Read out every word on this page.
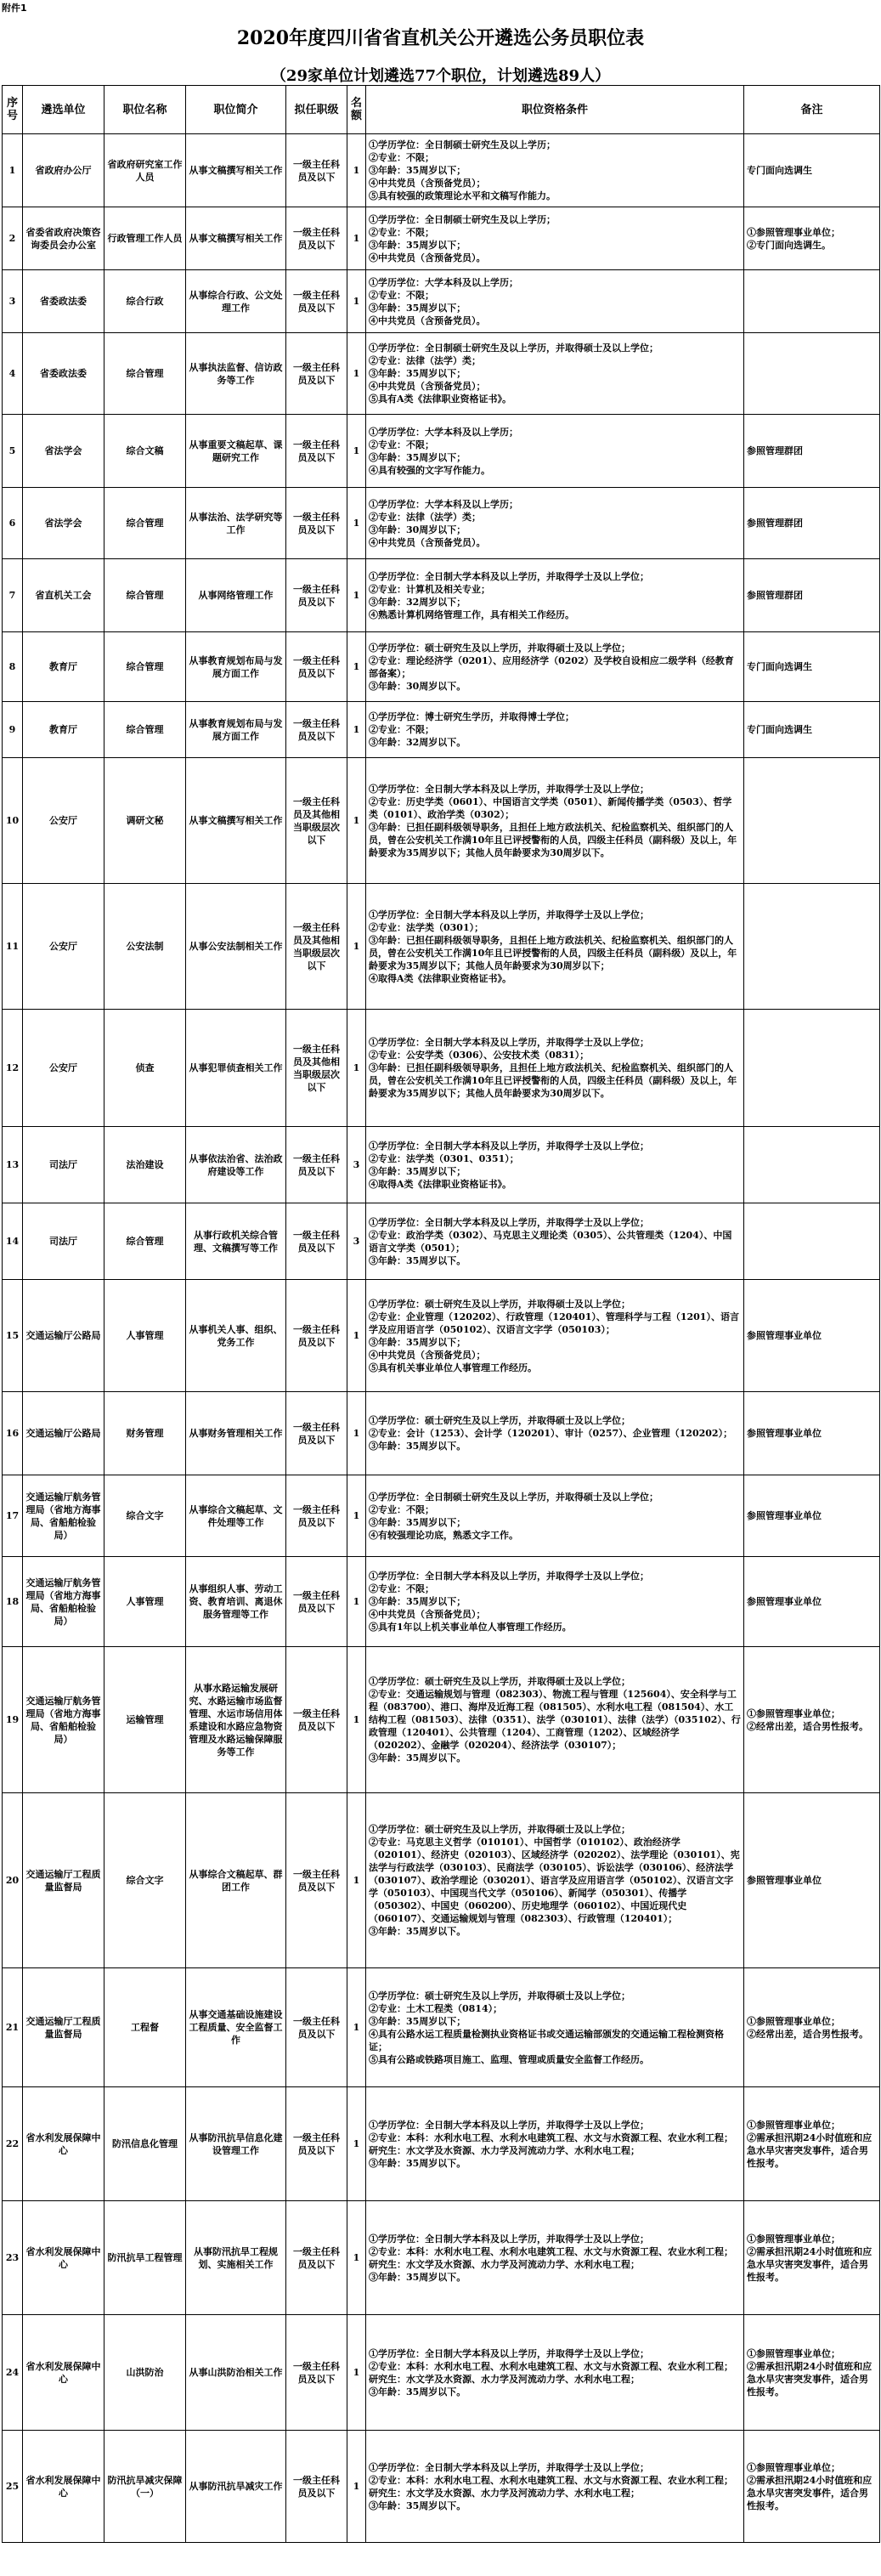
附件1
2020年度四川省省直机关公开遴选公务员职位表
（29家单位计划遴选77个职位，计划遴选89人）
序号	遴选单位	职位名称	职位简介	拟任职级	名额	职位资格条件	备注
1	省政府办公厅	省政府研究室工作人员	从事文稿撰写相关工作	一级主任科员及以下	1	①学历学位：全日制硕士研究生及以上学历；
②专业：不限；
③年龄：35周岁以下；
④中共党员（含预备党员）；
⑤具有较强的政策理论水平和文稿写作能力。	专门面向选调生

2	省委省政府决策咨询委员会办公室	行政管理工作人员	从事文稿撰写相关工作	一级主任科员及以下	1	①学历学位：全日制硕士研究生及以上学历；
②专业：不限；
③年龄：35周岁以下；
④中共党员（含预备党员）。	①参照管理事业单位；
②专门面向选调生。

3	省委政法委	综合行政	从事综合行政、公文处理工作	一级主任科员及以下	1	①学历学位：大学本科及以上学历；
②专业：不限；
③年龄：35周岁以下；
④中共党员（含预备党员）。	

4	省委政法委	综合管理	从事执法监督、信访政务等工作	一级主任科员及以下	1	①学历学位：全日制硕士研究生及以上学历，并取得硕士及以上学位；
②专业：法律（法学）类；
③年龄：35周岁以下；
④中共党员（含预备党员）；
⑤具有A类《法律职业资格证书》。	

5	省法学会	综合文稿	从事重要文稿起草、课题研究工作	一级主任科员及以下	1	①学历学位：大学本科及以上学历；
②专业：不限；
③年龄：35周岁以下；
④具有较强的文字写作能力。	参照管理群团

6	省法学会	综合管理	从事法治、法学研究等工作	一级主任科员及以下	1	①学历学位：大学本科及以上学历；
②专业：法律（法学）类；
③年龄：30周岁以下；
④中共党员（含预备党员）。	参照管理群团

7	省直机关工会	综合管理	从事网络管理工作	一级主任科员及以下	1	①学历学位：全日制大学本科及以上学历，并取得学士及以上学位；
②专业：计算机及相关专业；
③年龄：32周岁以下；
④熟悉计算机网络管理工作，具有相关工作经历。	参照管理群团

8	教育厅	综合管理	从事教育规划布局与发展方面工作	一级主任科员及以下	1	①学历学位：硕士研究生及以上学历，并取得硕士及以上学位；
②专业：理论经济学（0201）、应用经济学（0202）及学校自设相应二级学科（经教育部备案）；
③年龄：30周岁以下。	专门面向选调生

9	教育厅	综合管理	从事教育规划布局与发展方面工作	一级主任科员及以下	1	①学历学位：博士研究生学历，并取得博士学位；
②专业：不限；
③年龄：32周岁以下。	专门面向选调生

10	公安厅	调研文秘	从事文稿撰写相关工作	一级主任科员及其他相当职级层次以下	1	①学历学位：全日制大学本科及以上学历，并取得学士及以上学位；
②专业：历史学类（0601）、中国语言文学类（0501）、新闻传播学类（0503）、哲学类（0101）、政治学类（0302）；
③年龄：已担任副科级领导职务，且担任上地方政法机关、纪检监察机关、组织部门的人员，曾在公安机关工作满10年且已评授警衔的人员，四级主任科员（副科级）及以上，年龄要求为35周岁以下；其他人员年龄要求为30周岁以下。	

11	公安厅	公安法制	从事公安法制相关工作	一级主任科员及其他相当职级层次以下	1	①学历学位：全日制大学本科及以上学历，并取得学士及以上学位；
②专业：法学类（0301）；
③年龄：已担任副科级领导职务，且担任上地方政法机关、纪检监察机关、组织部门的人员，曾在公安机关工作满10年且已评授警衔的人员，四级主任科员（副科级）及以上，年龄要求为35周岁以下；其他人员年龄要求为30周岁以下；
④取得A类《法律职业资格证书》。	

12	公安厅	侦查	从事犯罪侦查相关工作	一级主任科员及其他相当职级层次以下	1	①学历学位：全日制大学本科及以上学历，并取得学士及以上学位；
②专业：公安学类（0306）、公安技术类（0831）；
③年龄：已担任副科级领导职务，且担任上地方政法机关、纪检监察机关、组织部门的人员，曾在公安机关工作满10年且已评授警衔的人员，四级主任科员（副科级）及以上，年龄要求为35周岁以下；其他人员年龄要求为30周岁以下。	

13	司法厅	法治建设	从事依法治省、法治政府建设等工作	一级主任科员及以下	3	①学历学位：全日制大学本科及以上学历，并取得学士及以上学位；
②专业：法学类（0301、0351）；
③年龄：35周岁以下；
④取得A类《法律职业资格证书》。	

14	司法厅	综合管理	从事行政机关综合管理、文稿撰写等工作	一级主任科员及以下	3	①学历学位：全日制大学本科及以上学历，并取得学士及以上学位；
②专业：政治学类（0302）、马克思主义理论类（0305）、公共管理类（1204）、中国语言文学类（0501）；
③年龄：35周岁以下。	

15	交通运输厅公路局	人事管理	从事机关人事、组织、党务工作	一级主任科员及以下	1	①学历学位：硕士研究生及以上学历，并取得硕士及以上学位；
②专业：企业管理（120202）、行政管理（120401）、管理科学与工程（1201）、语言学及应用语言学（050102）、汉语言文字学（050103）；
③年龄：35周岁以下；
④中共党员（含预备党员）；
⑤具有机关事业单位人事管理工作经历。	参照管理事业单位

16	交通运输厅公路局	财务管理	从事财务管理相关工作	一级主任科员及以下	1	①学历学位：硕士研究生及以上学历，并取得硕士及以上学位；
②专业：会计（1253）、会计学（120201）、审计（0257）、企业管理（120202）；
③年龄：35周岁以下。	参照管理事业单位

17	交通运输厅航务管理局（省地方海事局、省船舶检验局）	综合文字	从事综合文稿起草、文件处理等工作	一级主任科员及以下	1	①学历学位：全日制硕士研究生及以上学历，并取得硕士及以上学位；
②专业：不限；
③年龄：35周岁以下；
④有较强理论功底，熟悉文字工作。	参照管理事业单位

18	交通运输厅航务管理局（省地方海事局、省船舶检验局）	人事管理	从事组织人事、劳动工资、教育培训、离退休服务管理等工作	一级主任科员及以下	1	①学历学位：全日制大学本科及以上学历，并取得学士及以上学位；
②专业：不限；
③年龄：35周岁以下；
④中共党员（含预备党员）；
⑤具有1年以上机关事业单位人事管理工作经历。	参照管理事业单位

19	交通运输厅航务管理局（省地方海事局、省船舶检验局）	运输管理	从事水路运输发展研究、水路运输市场监督管理、水运市场信用体系建设和水路应急物资管理及水路运输保障服务等工作	一级主任科员及以下	1	①学历学位：硕士研究生及以上学历，并取得硕士及以上学位；
②专业：交通运输规划与管理（082303）、物流工程与管理（125604）、安全科学与工程（083700）、港口、海岸及近海工程（081505）、水利水电工程（081504）、水工结构工程（081503）、法律（0351）、法学（030101）、法律（法学）（035102）、行政管理（120401）、公共管理（1204）、工商管理（1202）、区域经济学（020202）、金融学（020204）、经济法学（030107）；
③年龄：35周岁以下。	①参照管理事业单位；
②经常出差，适合男性报考。

20	交通运输厅工程质量监督局	综合文字	从事综合文稿起草、群团工作	一级主任科员及以下	1	①学历学位：硕士研究生及以上学历，并取得硕士及以上学位；
②专业：马克思主义哲学（010101）、中国哲学（010102）、政治经济学（020101）、经济史（020103）、区域经济学（020202）、法学理论（030101）、宪法学与行政法学（030103）、民商法学（030105）、诉讼法学（030106）、经济法学（030107）、政治学理论（030201）、语言学及应用语言学（050102）、汉语言文字学（050103）、中国现当代文学（050106）、新闻学（050301）、传播学（050302）、中国史（060200）、历史地理学（060102）、中国近现代史（060107）、交通运输规划与管理（082303）、行政管理（120401）；
③年龄：35周岁以下。	参照管理事业单位

21	交通运输厅工程质量监督局	工程督	从事交通基础设施建设工程质量、安全监督工作	一级主任科员及以下	1	①学历学位：硕士研究生及以上学历，并取得硕士及以上学位；
②专业：土木工程类（0814）；
③年龄：35周岁以下；
④具有公路水运工程质量检测执业资格证书或交通运输部颁发的交通运输工程检测资格证；
⑤具有公路或铁路项目施工、监理、管理或质量安全监督工作经历。	①参照管理事业单位；
②经常出差，适合男性报考。

22	省水利发展保障中心	防汛信息化管理	从事防汛抗旱信息化建设管理工作	一级主任科员及以下	1	①学历学位：全日制大学本科及以上学历，并取得学士及以上学位；
②专业：本科：水利水电工程、水利水电建筑工程、水文与水资源工程、农业水利工程；研究生：水文学及水资源、水力学及河流动力学、水利水电工程；
③年龄：35周岁以下。	①参照管理事业单位；
②需承担汛期24小时值班和应急水旱灾害突发事件，适合男性报考。

23	省水利发展保障中心	防汛抗旱工程管理	从事防汛抗旱工程规划、实施相关工作	一级主任科员及以下	1	①学历学位：全日制大学本科及以上学历，并取得学士及以上学位；
②专业：本科：水利水电工程、水利水电建筑工程、水文与水资源工程、农业水利工程；研究生：水文学及水资源、水力学及河流动力学、水利水电工程；
③年龄：35周岁以下。	①参照管理事业单位；
②需承担汛期24小时值班和应急水旱灾害突发事件，适合男性报考。

24	省水利发展保障中心	山洪防治	从事山洪防治相关工作	一级主任科员及以下	1	①学历学位：全日制大学本科及以上学历，并取得学士及以上学位；
②专业：本科：水利水电工程、水利水电建筑工程、水文与水资源工程、农业水利工程；研究生：水文学及水资源、水力学及河流动力学、水利水电工程；
③年龄：35周岁以下。	①参照管理事业单位；
②需承担汛期24小时值班和应急水旱灾害突发事件，适合男性报考。

25	省水利发展保障中心	防汛抗旱减灾保障（一）	从事防汛抗旱减灾工作	一级主任科员及以下	1	①学历学位：全日制大学本科及以上学历，并取得学士及以上学位；
②专业：本科：水利水电工程、水利水电建筑工程、水文与水资源工程、农业水利工程；研究生：水文学及水资源、水力学及河流动力学、水利水电工程；
③年龄：35周岁以下。	①参照管理事业单位；
②需承担汛期24小时值班和应急水旱灾害突发事件，适合男性报考。
